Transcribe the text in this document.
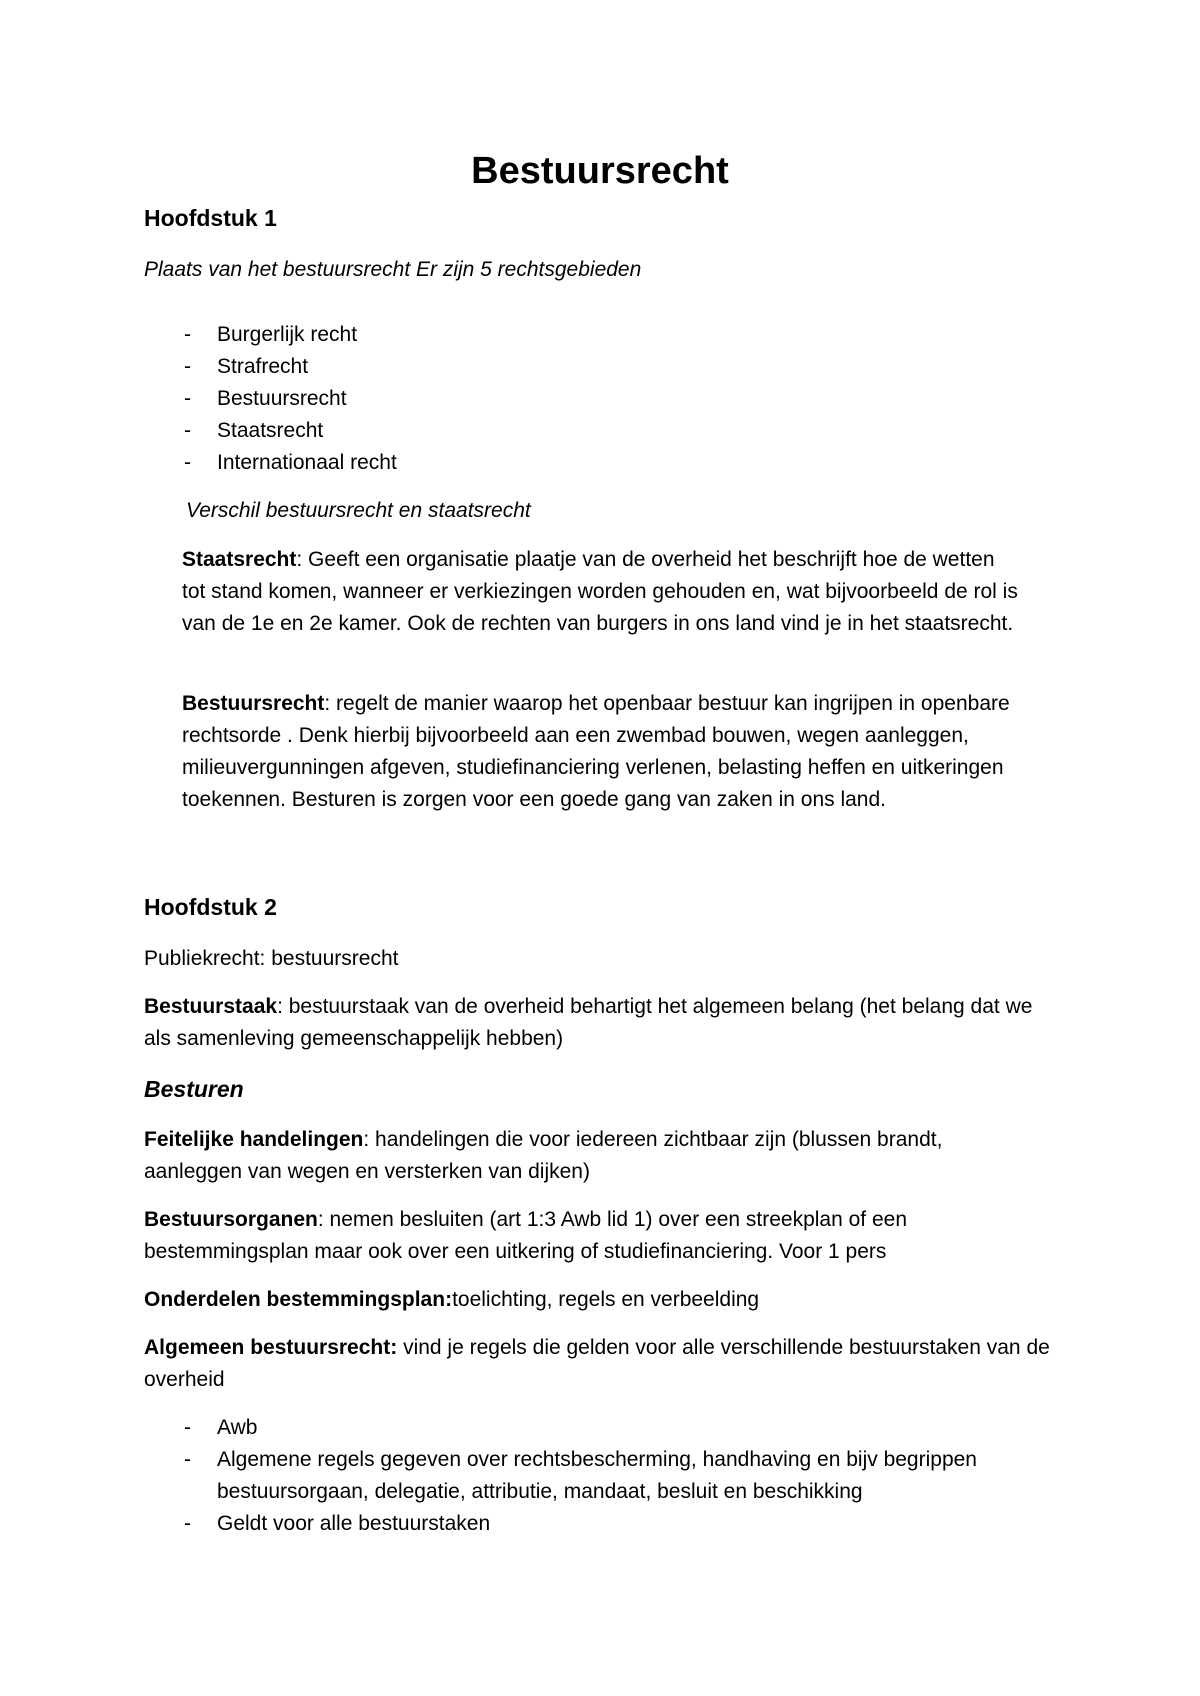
Bestuursrecht
Hoofdstuk 1

Plaats van het bestuursrecht Er zijn 5 rechtsgebieden

- Burgerlijk recht
- Strafrecht
- Bestuursrecht
- Staatsrecht
- Internationaal recht

Verschil bestuursrecht en staatsrecht

Staatsrecht: Geeft een organisatie plaatje van de overheid het beschrijft hoe de wetten tot stand komen, wanneer er verkiezingen worden gehouden en, wat bijvoorbeeld de rol is van de 1e en 2e kamer. Ook de rechten van burgers in ons land vind je in het staatsrecht.

Bestuursrecht: regelt de manier waarop het openbaar bestuur kan ingrijpen in openbare rechtsorde . Denk hierbij bijvoorbeeld aan een zwembad bouwen, wegen aanleggen, milieuvergunningen afgeven, studiefinanciering verlenen, belasting heffen en uitkeringen toekennen. Besturen is zorgen voor een goede gang van zaken in ons land.

Hoofdstuk 2

Publiekrecht: bestuursrecht

Bestuurstaak: bestuurstaak van de overheid behartigt het algemeen belang (het belang dat we als samenleving gemeenschappelijk hebben)

Besturen

Feitelijke handelingen: handelingen die voor iedereen zichtbaar zijn (blussen brandt, aanleggen van wegen en versterken van dijken)

Bestuursorganen: nemen besluiten (art 1:3 Awb lid 1) over een streekplan of een bestemmingsplan maar ook over een uitkering of studiefinanciering. Voor 1 pers

Onderdelen bestemmingsplan:toelichting, regels en verbeelding

Algemeen bestuursrecht: vind je regels die gelden voor alle verschillende bestuurstaken van de overheid

- Awb
- Algemene regels gegeven over rechtsbescherming, handhaving en bijv begrippen bestuursorgaan, delegatie, attributie, mandaat, besluit en beschikking
- Geldt voor alle bestuurstaken
